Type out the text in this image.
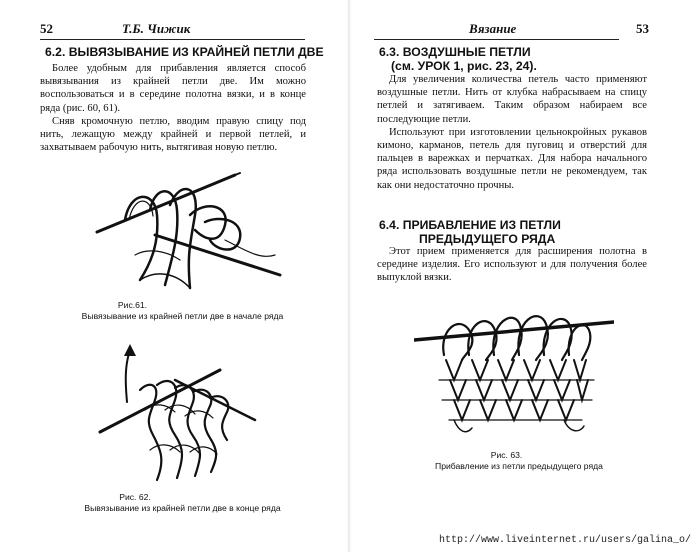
52	Т.Б. Чижик
6.2. ВЫВЯЗЫВАНИЕ ИЗ КРАЙНЕЙ ПЕТЛИ ДВЕ

Более удобным для прибавления является способ вывязывания из крайней петли две. Им можно воспользоваться и в середине полотна вязки, и в конце ряда (рис. 60, 61).

Сняв кромочную петлю, вводим правую спицу под нить, лежащую между крайней и первой петлей, и захватываем рабочую нить, вытягивая новую петлю.

Рис.61.
Вывязывание из крайней петли две в начале ряда
Рис. 62.
Вывязывание из крайней петли две в конце ряда
Вязание	53
6.3. ВОЗДУШНЫЕ ПЕТЛИ
(см. УРОК 1, рис. 23, 24).

Для увеличения количества петель часто применяют воздушные петли. Нить от клубка набрасываем на спицу петлей и затягиваем. Таким образом набираем все последующие петли.

Используют при изготовлении цельнокройных рукавов кимоно, карманов, петель для пуговиц и отверстий для пальцев в варежках и перчатках. Для набора начального ряда использовать воздушные петли не рекомендуем, так как они недостаточно прочны.

6.4. ПРИБАВЛЕНИЕ ИЗ ПЕТЛИ
ПРЕДЫДУЩЕГО РЯДА

Этот прием применяется для расширения полотна в середине изделия. Его используют и для получения более выпуклой вязки.

Рис. 63.
Прибавление из петли предыдущего ряда
http://www.liveinternet.ru/users/galina_o/
